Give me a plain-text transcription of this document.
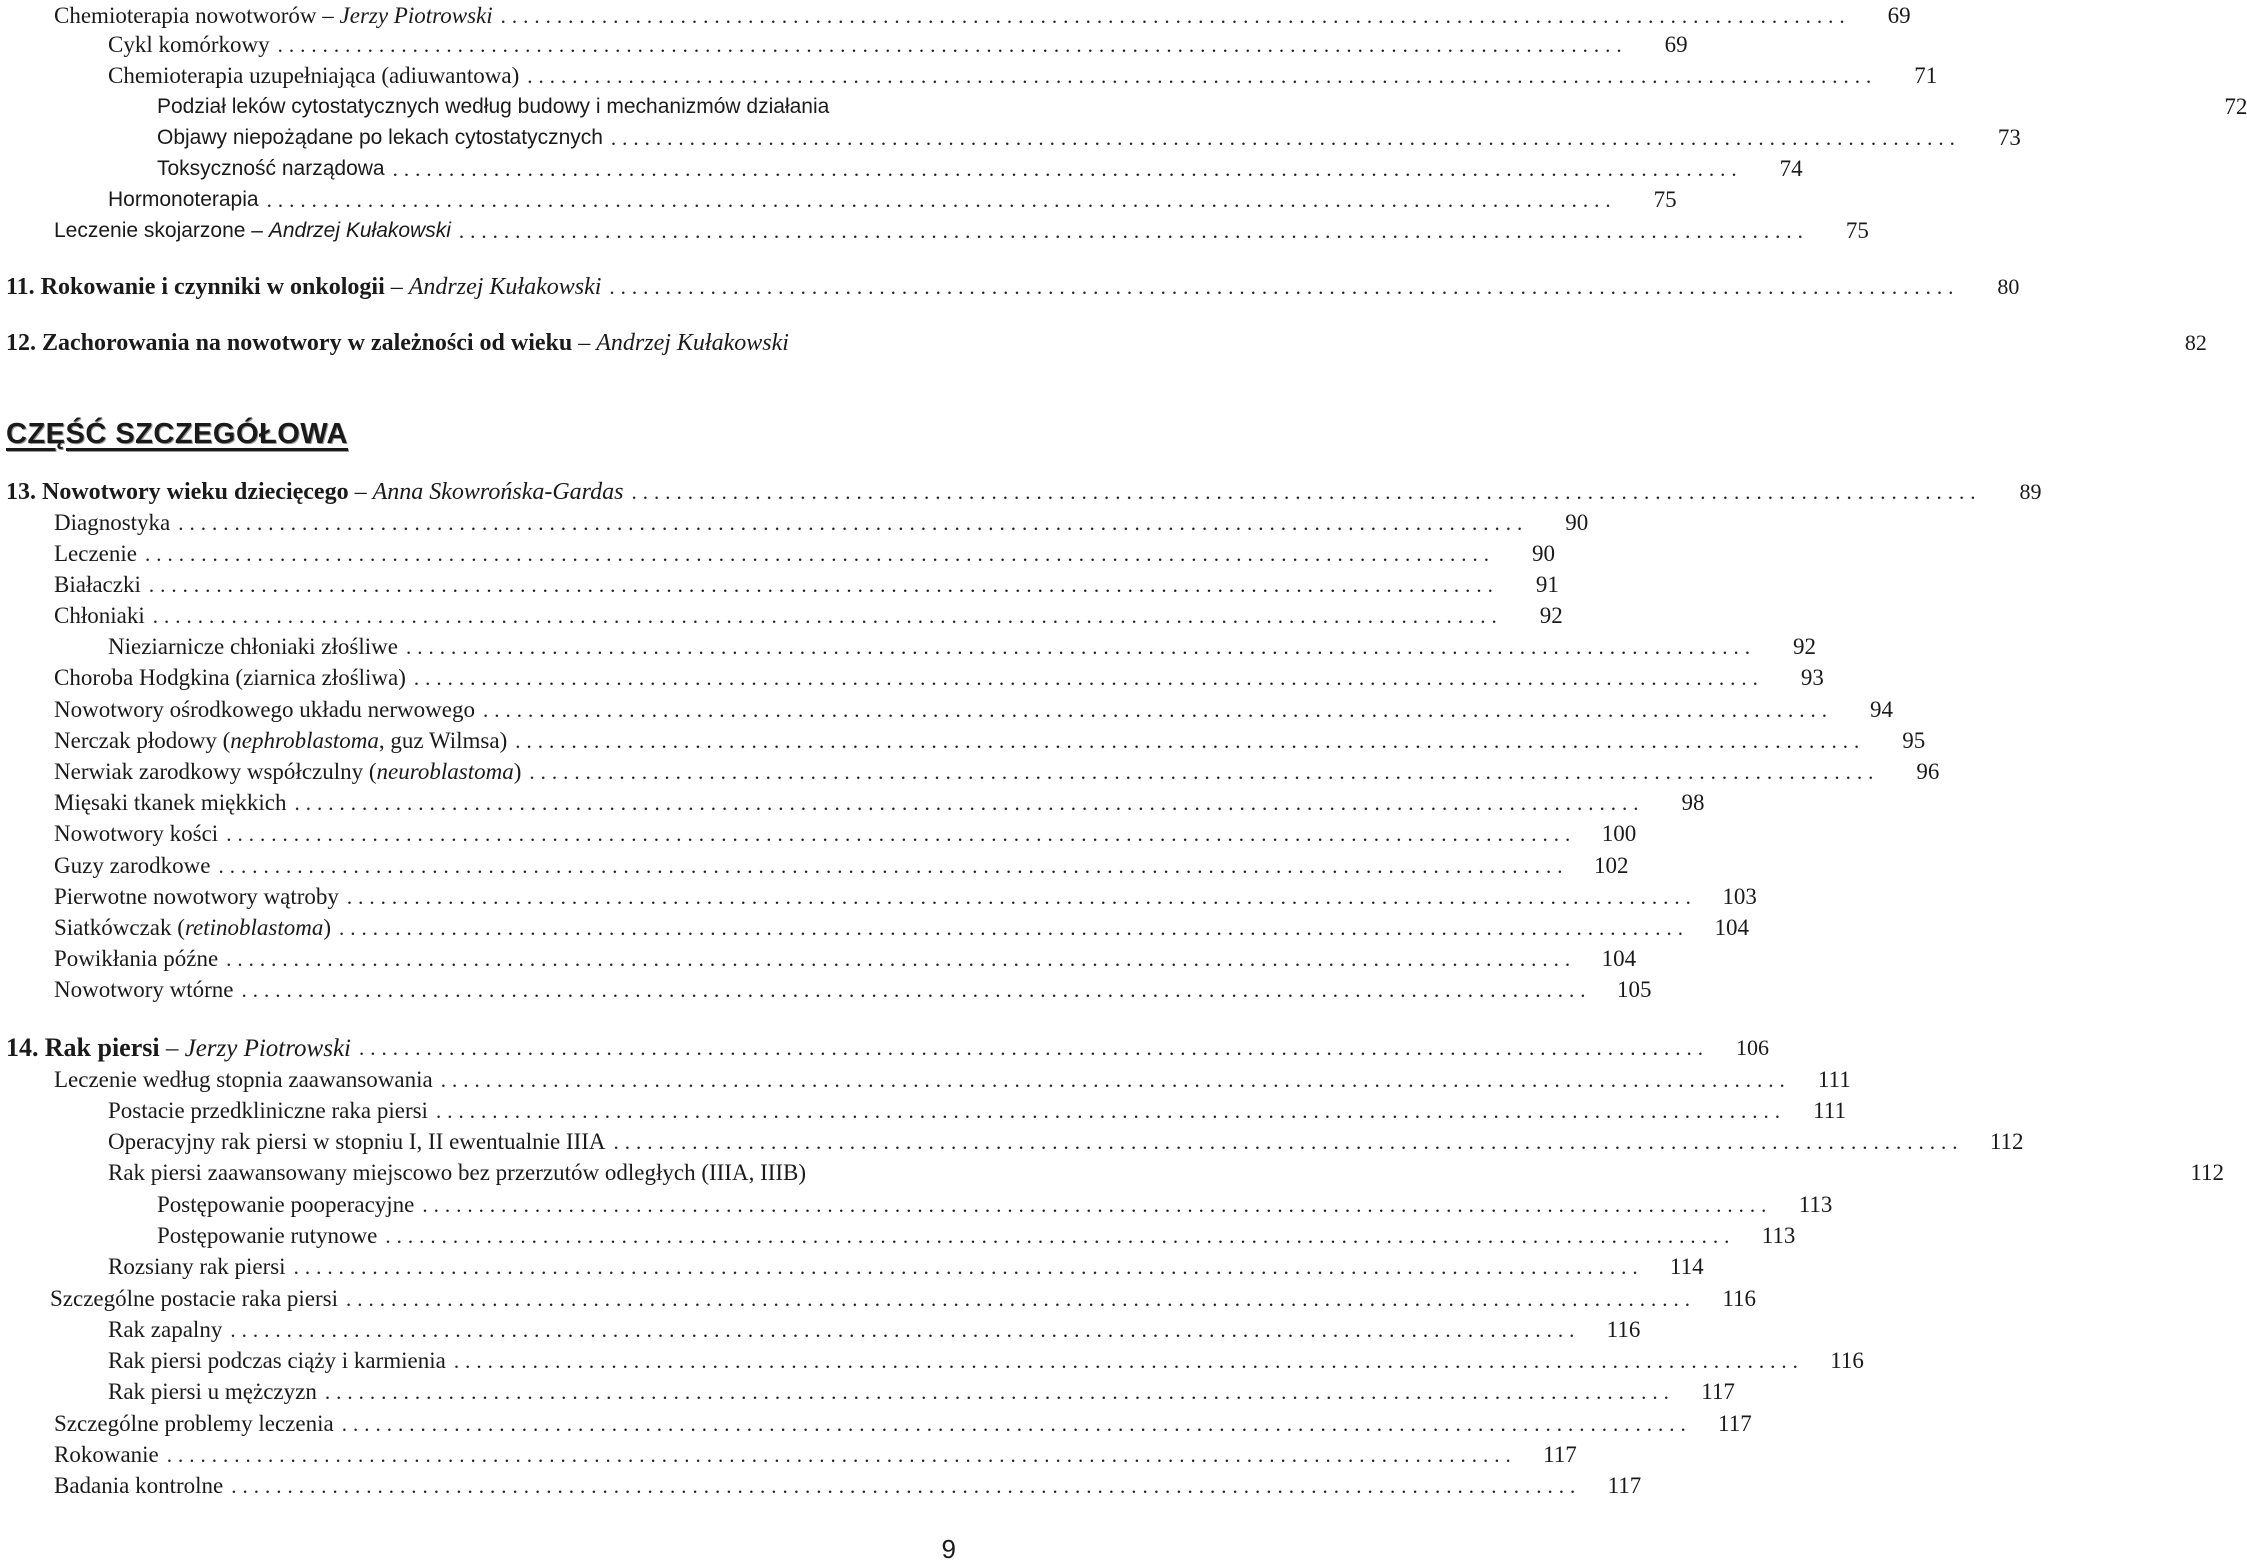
Chemioterapia nowotworów – Jerzy Piotrowski ........................................................................................................................	69
Cykl komórkowy ........................................................................................................................	69
Chemioterapia uzupełniająca (adiuwantowa) ........................................................................................................................	71
Podział leków cytostatycznych według budowy i mechanizmów działania	72
Objawy niepożądane po lekach cytostatycznych ........................................................................................................................	73
Toksyczność narządowa ........................................................................................................................	74
Hormonoterapia ........................................................................................................................	75
Leczenie skojarzone – Andrzej Kułakowski ........................................................................................................................	75
11. Rokowanie i czynniki w onkologii – Andrzej Kułakowski ........................................................................................................................	80
12. Zachorowania na nowotwory w zależności od wieku – Andrzej Kułakowski	82
CZĘŚĆ SZCZEGÓŁOWA
13. Nowotwory wieku dziecięcego – Anna Skowrońska-Gardas ........................................................................................................................	89
Diagnostyka ........................................................................................................................	90
Leczenie ........................................................................................................................	90
Białaczki ........................................................................................................................	91
Chłoniaki ........................................................................................................................	92
Nieziarnicze chłoniaki złośliwe ........................................................................................................................	92
Choroba Hodgkina (ziarnica złośliwa) ........................................................................................................................	93
Nowotwory ośrodkowego układu nerwowego ........................................................................................................................	94
Nerczak płodowy (nephroblastoma, guz Wilmsa) ........................................................................................................................	95
Nerwiak zarodkowy współczulny (neuroblastoma) ........................................................................................................................	96
Mięsaki tkanek miękkich ........................................................................................................................	98
Nowotwory kości ........................................................................................................................	100
Guzy zarodkowe ........................................................................................................................	102
Pierwotne nowotwory wątroby ........................................................................................................................	103
Siatkówczak (retinoblastoma) ........................................................................................................................	104
Powikłania późne ........................................................................................................................	104
Nowotwory wtórne ........................................................................................................................	105
14. Rak piersi – Jerzy Piotrowski ........................................................................................................................	106
Leczenie według stopnia zaawansowania ........................................................................................................................	111
Postacie przedkliniczne raka piersi ........................................................................................................................	111
Operacyjny rak piersi w stopniu I, II ewentualnie IIIA ........................................................................................................................	112
Rak piersi zaawansowany miejscowo bez przerzutów odległych (IIIA, IIIB)	112
Postępowanie pooperacyjne ........................................................................................................................	113
Postępowanie rutynowe ........................................................................................................................	113
Rozsiany rak piersi ........................................................................................................................	114
Szczególne postacie raka piersi ........................................................................................................................	116
Rak zapalny ........................................................................................................................	116
Rak piersi podczas ciąży i karmienia ........................................................................................................................	116
Rak piersi u mężczyzn ........................................................................................................................	117
Szczególne problemy leczenia ........................................................................................................................	117
Rokowanie ........................................................................................................................	117
Badania kontrolne ........................................................................................................................	117
9
